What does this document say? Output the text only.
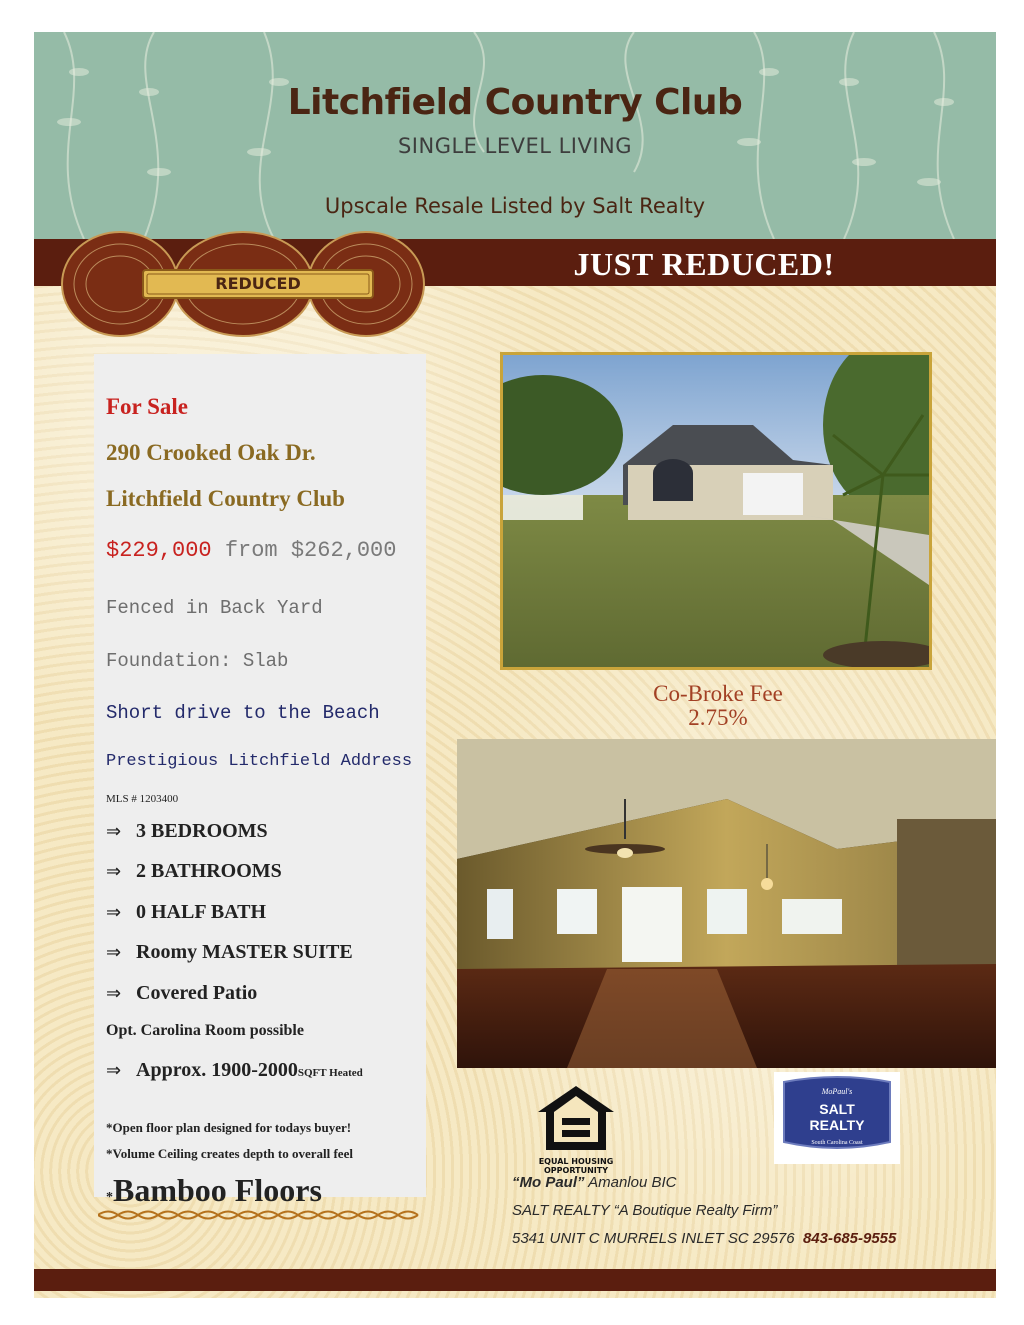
Litchfield Country Club
SINGLE LEVEL LIVING
Upscale Resale Listed by Salt Realty
JUST REDUCED!
REDUCED
For Sale
290 Crooked Oak Dr.
Litchfield Country Club
$229,000 from $262,000
Fenced in Back Yard
Foundation: Slab
Short drive to the Beach
Prestigious Litchfield Address
MLS # 1203400
⇒ 3 BEDROOMS
⇒ 2 BATHROOMS
⇒ 0 HALF BATH
⇒ Roomy MASTER SUITE
⇒ Covered Patio
Opt. Carolina Room possible
⇒ Approx. 1900-2000SQFT Heated
*Open floor plan designed for todays buyer!
*Volume Ceiling creates depth to overall feel
*Bamboo Floors
Co-Broke Fee
2.75%
EQUAL HOUSING
OPPORTUNITY
MoPaul's
SALT
REALTY
South Carolina Coast
“Mo Paul” Amanlou BIC
SALT REALTY “A Boutique Realty Firm”
5341 UNIT C MURRELS INLET SC 29576 843-685-9555
